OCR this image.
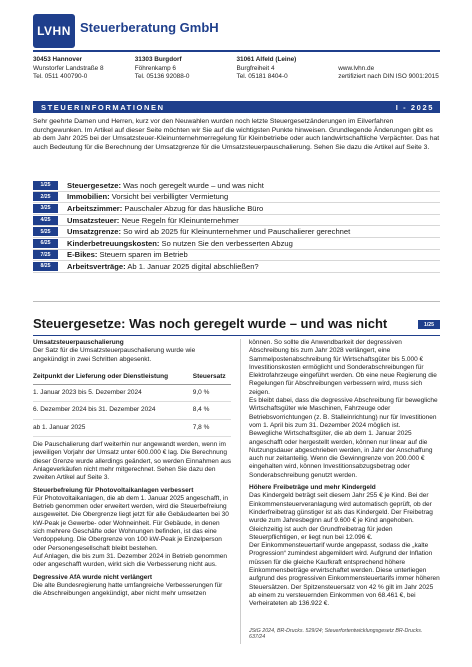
LVHN Steuerberatung GmbH
30453 Hannover
Wunstorfer Landstraße 8
Tel. 0511 400790-0
31303 Burgdorf
Föhrenkamp 6
Tel. 05136 92088-0
31061 Alfeld (Leine)
Burgfreiheit 4
Tel. 05181 8404-0

www.lvhn.de
zertifiziert nach DIN ISO 9001:2015
STEUERINFORMATIONEN	I - 2025

Sehr geehrte Damen und Herren, kurz vor den Neuwahlen wurden noch letzte Steuergesetzänderungen im Eilverfahren durchgewunken. Im Artikel auf dieser Seite möchten wir Sie auf die wichtigsten Punkte hinweisen. Grundlegende Änderungen gibt es ab dem Jahr 2025 bei der Umsatzsteuer-Kleinunternehmerregelung für Kleinbetriebe oder auch landwirtschaftliche Verpächter. Das hat auch Bedeutung für die Berechnung der Umsatzgrenze für die Umsatzsteuerpauschalierung. Sehen Sie dazu die Artikel auf Seite 3.

1/25	Steuergesetze: Was noch geregelt wurde – und was nicht
2/25	Immobilien: Vorsicht bei verbilligter Vermietung
3/25	Arbeitszimmer: Pauschaler Abzug für das häusliche Büro
4/25	Umsatzsteuer: Neue Regeln für Kleinunternehmer
5/25	Umsatzgrenze: So wird ab 2025 für Kleinunternehmer und Pauschalierer gerechnet
6/25	Kinderbetreuungskosten: So nutzen Sie den verbesserten Abzug
7/25	E-Bikes: Steuern sparen im Betrieb
8/25	Arbeitsverträge: Ab 1. Januar 2025 digital abschließen?
Steuergesetze: Was noch geregelt wurde – und was nicht	1/25

Umsatzsteuerpauschalierung

Der Satz für die Umsatzsteuerpauschalierung wurde wie angekündigt in zwei Schritten abgesenkt.

Zeitpunkt der Lieferung oder Dienstleistung	Steuersatz
1. Januar 2023 bis 5. Dezember 2024	9,0 %
6. Dezember 2024 bis 31. Dezember 2024	8,4 %
ab 1. Januar 2025	7,8 %

Die Pauschalierung darf weiterhin nur angewandt werden, wenn im jeweiligen Vorjahr der Umsatz unter 600.000 € lag. Die Berechnung dieser Grenze wurde allerdings geändert, so werden Einnahmen aus Anlageverkäufen nicht mehr mitgerechnet. Sehen Sie dazu den zweiten Artikel auf Seite 3.

Steuerbefreiung für Photovoltaikanlagen verbessert

Für Photovoltaikanlagen, die ab dem 1. Januar 2025 angeschafft, in Betrieb genommen oder erweitert werden, wird die Steuerbefreiung ausgeweitet. Die Obergrenze liegt jetzt für alle Gebäudearten bei 30 kW-Peak je Gewerbe- oder Wohneinheit. Für Gebäude, in denen sich mehrere Geschäfte oder Wohnungen befinden, ist das eine Verdoppelung. Die Obergrenze von 100 kW-Peak je Einzelperson oder Personengesellschaft bleibt bestehen.

Auf Anlagen, die bis zum 31. Dezember 2024 in Betrieb genommen oder angeschafft wurden, wirkt sich die Verbesserung nicht aus.

Degressive AfA wurde nicht verlängert

Die alte Bundesregierung hatte umfangreiche Verbesserungen für die Abschreibungen angekündigt, aber nicht mehr umsetzen

können. So sollte die Anwendbarkeit der degressiven Abschreibung bis zum Jahr 2028 verlängert, eine Sammelpostenabschreibung für Wirtschaftsgüter bis 5.000 € Investitionskosten ermöglicht und Sonderabschreibungen für Elektrofahrzeuge eingeführt werden. Ob eine neue Regierung die Regelungen für Abschreibungen verbessern wird, muss sich zeigen.

Es bleibt dabei, dass die degressive Abschreibung für bewegliche Wirtschaftsgüter wie Maschinen, Fahrzeuge oder Betriebsvorrichtungen (z. B. Stalleinrichtung) nur für Investitionen vom 1. April bis zum 31. Dezember 2024 möglich ist.

Bewegliche Wirtschaftsgüter, die ab dem 1. Januar 2025 angeschafft oder hergestellt werden, können nur linear auf die Nutzungsdauer abgeschrieben werden, in Jahr der Anschaffung auch nur zeitanteilig. Wenn die Gewinngrenze von 200.000 € eingehalten wird, können Investitionsabzugsbetrag oder Sonderabschreibung genutzt werden.

Höhere Freibeträge und mehr Kindergeld

Das Kindergeld beträgt seit diesem Jahr 255 € je Kind. Bei der Einkommensteuerveranlagung wird automatisch geprüft, ob der Kinderfreibetrag günstiger ist als das Kindergeld. Der Freibetrag wurde zum Jahresbeginn auf 9.600 € je Kind angehoben. Gleichzeitig ist auch der Grundfreibetrag für jeden Steuerpflichtigen, er liegt nun bei 12.096 €.

Der Einkommensteuertarif wurde angepasst, sodass die „kalte Progression“ zumindest abgemildert wird. Aufgrund der Inflation müssen für die gleiche Kaufkraft entsprechend höhere Einkommensbeträge erwirtschaftet werden. Diese unterliegen aufgrund des progressiven Einkommensteuertarifs immer höheren Steuersätzen. Der Spitzensteuersatz von 42 % gilt im Jahr 2025 ab einem zu versteuernden Einkommen von 68.461 €, bei Verheirateten ab 136.922 €.

JStG 2024, BR-Drucks. 529/24; Steuerfortentwicklungsgesetz BR-Drucks. 637/24
